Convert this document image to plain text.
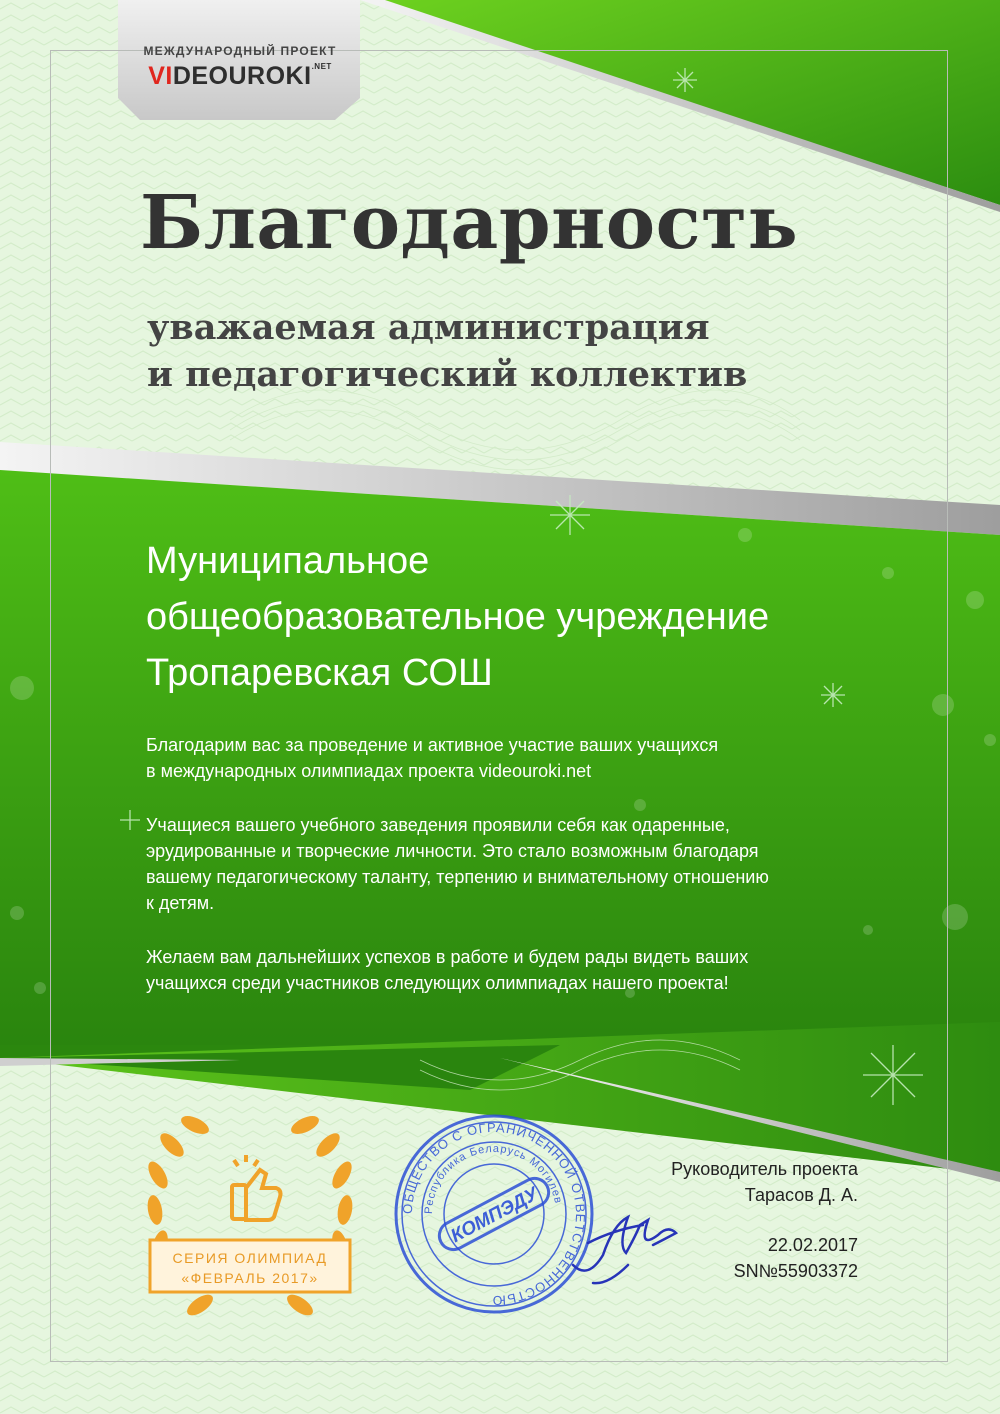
МЕЖДУНАРОДНЫЙ ПРОЕКТ
$VIDEOUROKI^{.NET}$
Благодарность
уважаемая администрация
и педагогический коллектив
Муниципальное
общеобразовательное учреждение
Тропаревская СОШ

Благодарим вас за проведение и активное участие ваших учащихся
в международных олимпиадах проекта videouroki.net

Учащиеся вашего учебного заведения проявили себя как одаренные,
эрудированные и творческие личности. Это стало возможным благодаря
вашему педагогическому таланту, терпению и внимательному отношению
к детям.

Желаем вам дальнейших успехов в работе и будем рады видеть ваших
учащихся среди участников следующих олимпиадах нашего проекта!

СЕРИЯ ОЛИМПИАД
«ФЕВРАЛЬ 2017»
ОБЩЕСТВО С ОГРАНИЧЕННОЙ ОТВЕТСТВЕННОСТЬЮ
Республика Беларусь Могилев
КОМПЭДУ
Руководитель проекта
Тарасов Д. А.
22.02.2017
SN№55903372
